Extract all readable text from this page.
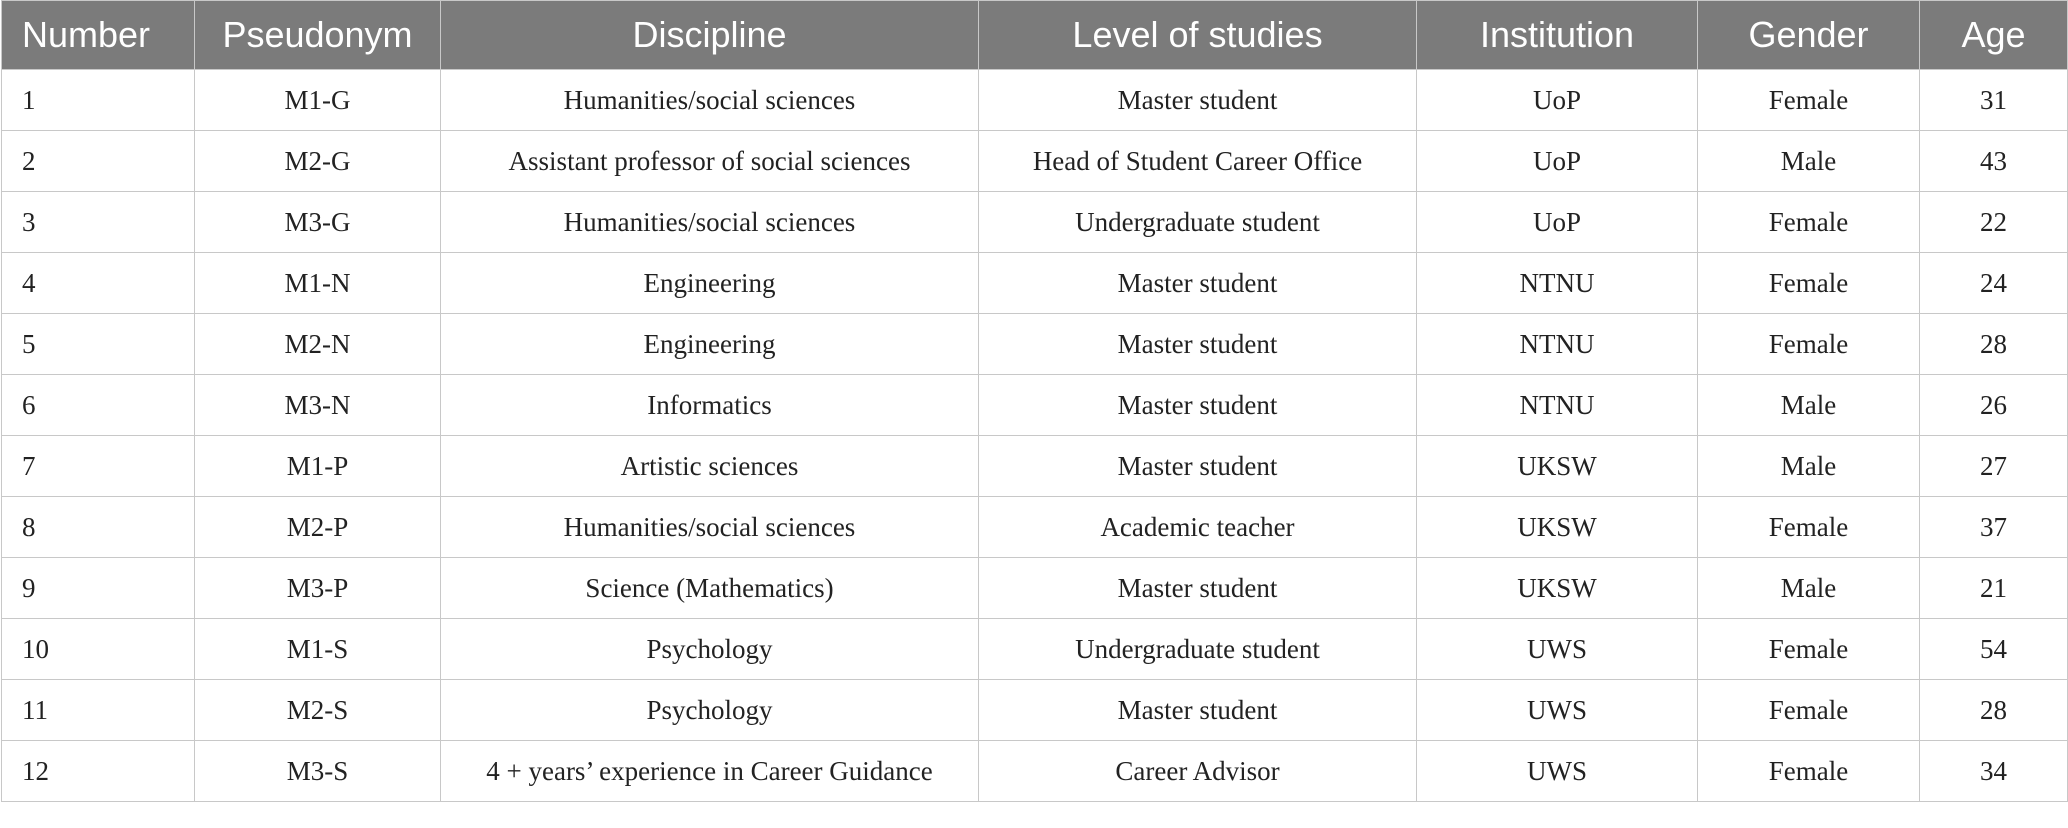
Number	Pseudonym	Discipline	Level of studies	Institution	Gender	Age
1	M1-G	Humanities/social sciences	Master student	UoP	Female	31
2	M2-G	Assistant professor of social sciences	Head of Student Career Office	UoP	Male	43
3	M3-G	Humanities/social sciences	Undergraduate student	UoP	Female	22
4	M1-N	Engineering	Master student	NTNU	Female	24
5	M2-N	Engineering	Master student	NTNU	Female	28
6	M3-N	Informatics	Master student	NTNU	Male	26
7	M1-P	Artistic sciences	Master student	UKSW	Male	27
8	M2-P	Humanities/social sciences	Academic teacher	UKSW	Female	37
9	M3-P	Science (Mathematics)	Master student	UKSW	Male	21
10	M1-S	Psychology	Undergraduate student	UWS	Female	54
11	M2-S	Psychology	Master student	UWS	Female	28
12	M3-S	4 + years’ experience in Career Guidance	Career Advisor	UWS	Female	34
